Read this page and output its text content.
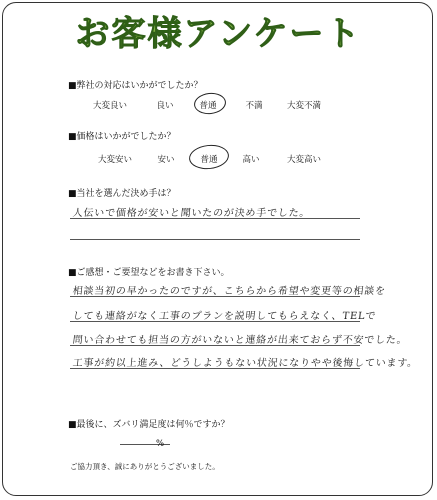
お客様アンケート
■弊社の対応はいかがでしたか？
大変良い	良い	普通	不満	大変不満
■価格はいかがでしたか？
大変安い	安い	普通	高い	大変高い
■当社を選んだ決め手は？
人伝いで価格が安いと聞いたのが決め手でした。
■ご感想・ご要望などをお書き下さい。
相談当初の早かったのですが、こちらから希望や変更等の相談を
しても連絡がなく工事のプランを説明してもらえなく、TELで
問い合わせても担当の方がいないと連絡が出来ておらず不安でした。
工事が約以上進み、どうしようもない状況になりやや後悔しています。
■最後に、ズバリ満足度は何％ですか？
%
ご協力頂き、誠にありがとうございました。
